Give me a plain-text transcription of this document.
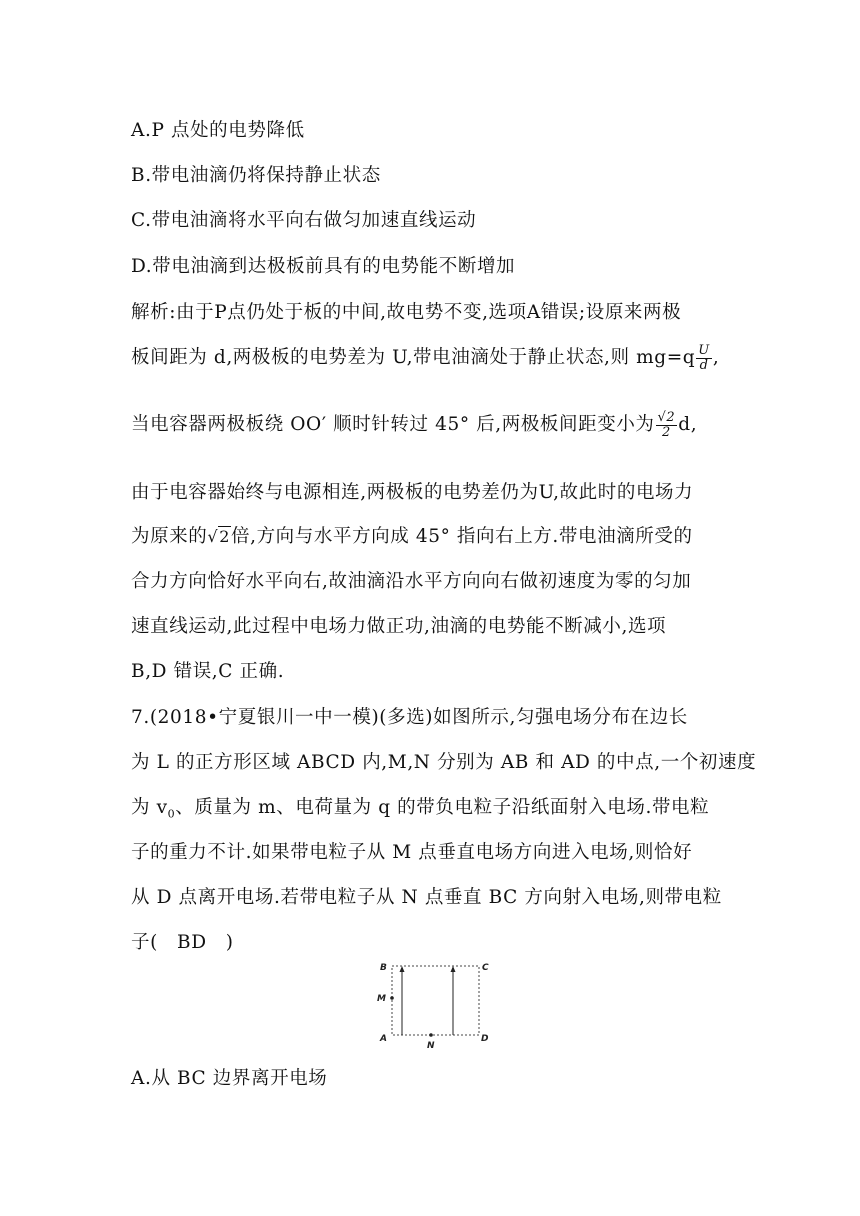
A.P 点处的电势降低
B.带电油滴仍将保持静止状态
C.带电油滴将水平向右做匀加速直线运动
D.带电油滴到达极板前具有的电势能不断增加
解析:由于P点仍处于板的中间,故电势不变,选项A错误;设原来两极
板间距为 d,两极板的电势差为 U,带电油滴处于静止状态,则 $mg=q \frac{U}{d}$ ,
当电容器两极板绕 OO′ 顺时针转过 45° 后,两极板间距变小为 $\frac{√2}{2} d$,
由于电容器始终与电源相连,两极板的电势差仍为U,故此时的电场力
为原来的√2倍,方向与水平方向成 45° 指向右上方.带电油滴所受的
合力方向恰好水平向右,故油滴沿水平方向向右做初速度为零的匀加
速直线运动,此过程中电场力做正功,油滴的电势能不断减小,选项
B,D 错误,C 正确.
7.(2018•宁夏银川一中一模)(多选)如图所示,匀强电场分布在边长
为 L 的正方形区域 ABCD 内,M,N 分别为 AB 和 AD 的中点,一个初速度
为 $v_0$、质量为 m、电荷量为 q 的带负电粒子沿纸面射入电场.带电粒
子的重力不计.如果带电粒子从 M 点垂直电场方向进入电场,则恰好
从 D 点离开电场.若带电粒子从 N 点垂直 BC 方向射入电场,则带电粒
子(　BD　)
B	C
M
A
N
D
A.从 BC 边界离开电场
